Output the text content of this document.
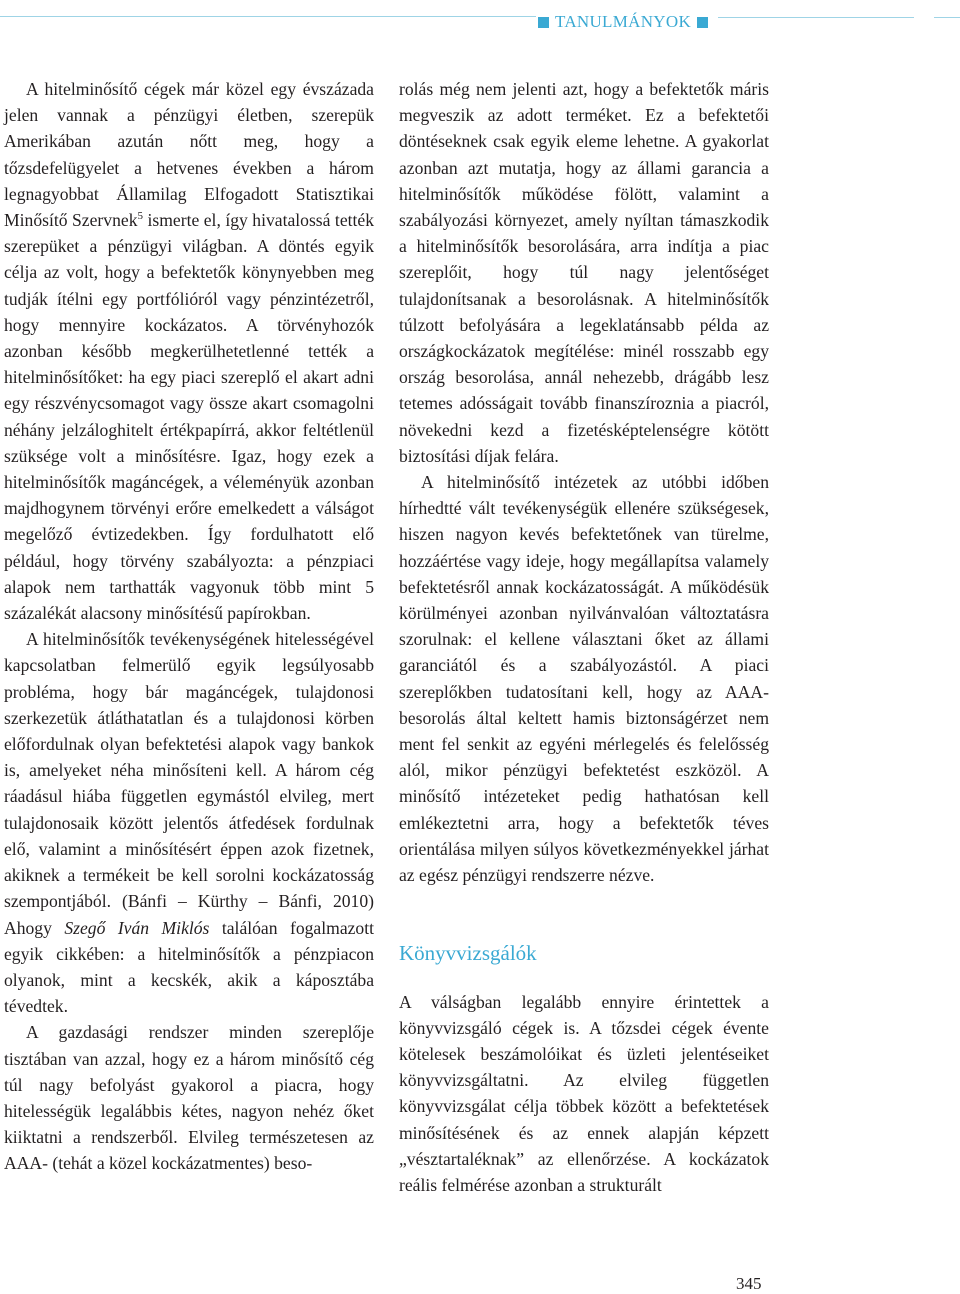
TANULMÁNYOK

A hitelminősítő cégek már közel egy évszázada jelen vannak a pénzügyi életben, szerepük Amerikában azután nőtt meg, hogy a tőzsdefelügyelet a hetvenes években a három legnagyobbat Államilag Elfogadott Statisztikai Minősítő Szervnek$^5$ ismerte el, így hivatalossá tették szerepüket a pénzügyi világban. A döntés egyik célja az volt, hogy a befektetők könynyebben meg tudják ítélni egy portfólióról vagy pénzintézetről, hogy mennyire kockázatos. A törvényhozók azonban később megkerülhetetlenné tették a hitelminősítőket: ha egy piaci szereplő el akart adni egy részvénycsomagot vagy össze akart csomagolni néhány jelzáloghitelt értékpapírrá, akkor feltétlenül szüksége volt a minősítésre. Igaz, hogy ezek a hitelminősítők magáncégek, a véleményük azonban majdhogynem törvényi erőre emelkedett a válságot megelőző évtizedekben. Így fordulhatott elő például, hogy törvény szabályozta: a pénzpiaci alapok nem tarthatták vagyonuk több mint 5 százalékát alacsony minősítésű papírokban.

A hitelminősítők tevékenységének hitelességével kapcsolatban felmerülő egyik legsúlyosabb probléma, hogy bár magáncégek, tulajdonosi szerkezetük átláthatatlan és a tulajdonosi körben előfordulnak olyan befektetési alapok vagy bankok is, amelyeket néha minősíteni kell. A három cég ráadásul hiába független egymástól elvileg, mert tulajdonosaik között jelentős átfedések fordulnak elő, valamint a minősítésért éppen azok fizetnek, akiknek a termékeit be kell sorolni kockázatosság szempontjából. (Bánfi – Kürthy – Bánfi, 2010) Ahogy Szegő Iván Miklós találóan fogalmazott egyik cikkében: a hitelminősítők a pénzpiacon olyanok, mint a kecskék, akik a káposztába tévedtek.

A gazdasági rendszer minden szereplője tisztában van azzal, hogy ez a három minősítő cég túl nagy befolyást gyakorol a piacra, hogy hitelességük legalábbis kétes, nagyon nehéz őket kiiktatni a rendszerből. Elvileg természetesen az AAA- (tehát a közel kockázatmentes) beso-

rolás még nem jelenti azt, hogy a befektetők máris megveszik az adott terméket. Ez a befektetői döntéseknek csak egyik eleme lehetne. A gyakorlat azonban azt mutatja, hogy az állami garancia a hitelminősítők működése fölött, valamint a szabályozási környezet, amely nyíltan támaszkodik a hitelminősítők besorolására, arra indítja a piac szereplőit, hogy túl nagy jelentőséget tulajdonítsanak a besorolásnak. A hitelminősítők túlzott befolyására a legeklatánsabb példa az országkockázatok megítélése: minél rosszabb egy ország besorolása, annál nehezebb, drágább lesz tetemes adósságait tovább finanszíroznia a piacról, növekedni kezd a fizetésképtelenségre kötött biztosítási díjak felára.

A hitelminősítő intézetek az utóbbi időben hírhedtté vált tevékenységük ellenére szükségesek, hiszen nagyon kevés befektetőnek van türelme, hozzáértése vagy ideje, hogy megállapítsa valamely befektetésről annak kockázatosságát. A működésük körülményei azonban nyilvánvalóan változtatásra szorulnak: el kellene választani őket az állami garanciától és a szabályozástól. A piaci szereplőkben tudatosítani kell, hogy az AAA-besorolás által keltett hamis biztonságérzet nem ment fel senkit az egyéni mérlegelés és felelősség alól, mikor pénzügyi befektetést eszközöl. A minősítő intézeteket pedig hathatósan kell emlékeztetni arra, hogy a befektetők téves orientálása milyen súlyos következményekkel járhat az egész pénzügyi rendszerre nézve.

Könyvvizsgálók

A válságban legalább ennyire érintettek a könyvvizsgáló cégek is. A tőzsdei cégek évente kötelesek beszámolóikat és üzleti jelentéseiket könyvvizsgáltatni. Az elvileg független könyvvizsgálat célja többek között a befektetések minősítésének és az ennek alapján képzett „vésztartaléknak” az ellenőrzése. A kockázatok reális felmérése azonban a strukturált

345
